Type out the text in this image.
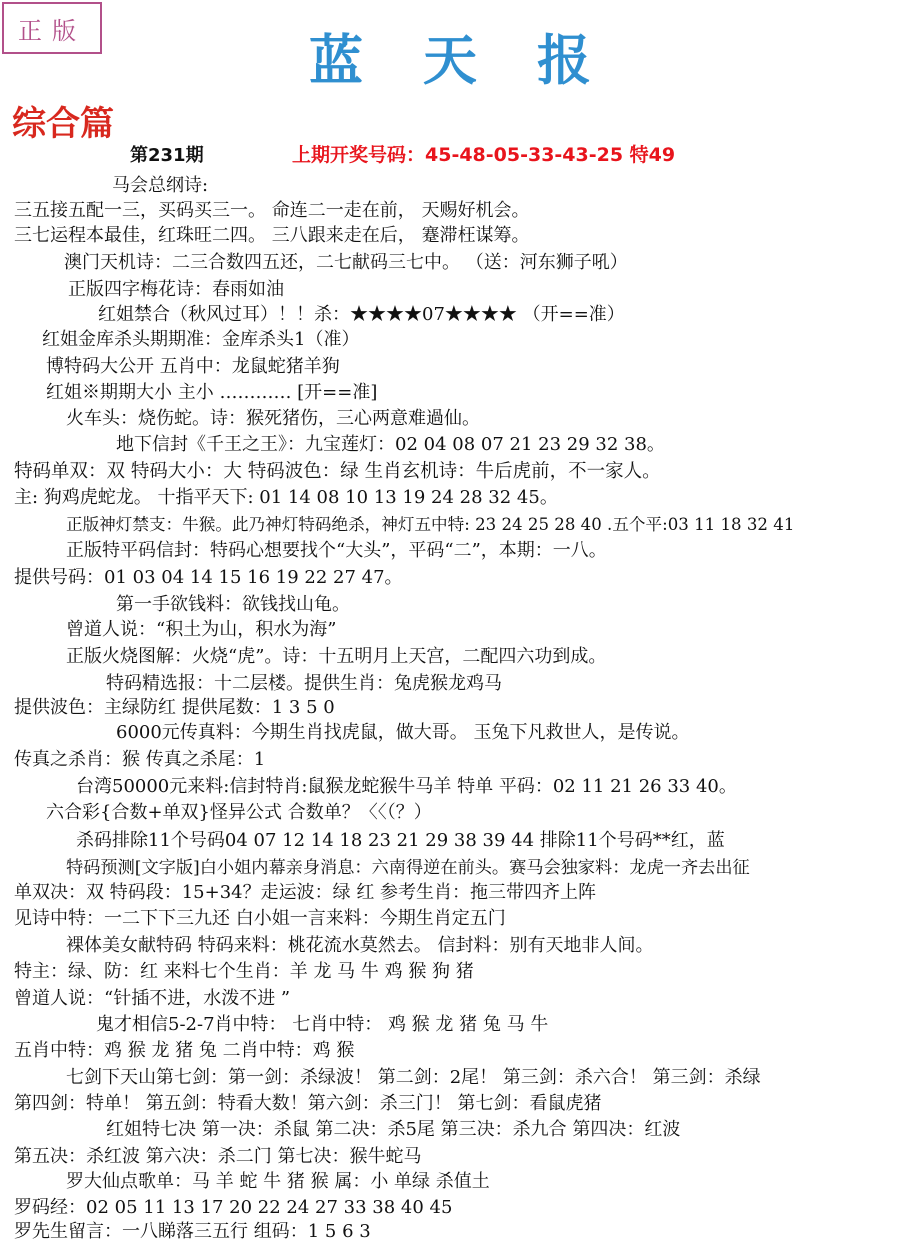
正版	蓝天报
综合篇
第231期	上期开奖号码：45-48-05-33-43-25 特49
马会总纲诗:
三五接五配一三，买码买三一。 命连二一走在前， 天赐好机会。
三七运程本最佳，红珠旺二四。 三八跟来走在后， 蹇滞枉谋筹。
澳门天机诗：二三合数四五还，二七献码三七中。 （送：河东狮子吼）
正版四字梅花诗：春雨如油
红姐禁合（秋风过耳）！！杀：★★★★07★★★★ （开==准）
红姐金库杀头期期准：金库杀头1（准）
博特码大公开 五肖中：龙鼠蛇猪羊狗
红姐※期期大小 主小 ………… [开==准]
火车头：烧伤蛇。诗：猴死猪伤，三心两意难過仙。
地下信封《千王之王》：九宝莲灯：02 04 08 07 21 23 29 32 38。
特码单双：双 特码大小：大 特码波色：绿 生肖玄机诗：牛后虎前，不一家人。
主: 狗鸡虎蛇龙。 十指平天下: 01 14 08 10 13 19 24 28 32 45。
正版神灯禁支：牛猴。此乃神灯特码绝杀，神灯五中特: 23 24 25 28 40 .五个平:03 11 18 32 41
正版特平码信封：特码心想要找个“大头”，平码“二”，本期：一八。
提供号码：01 03 04 14 15 16 19 22 27 47。
第一手欲钱料：欲钱找山龟。
曾道人说：“积土为山，积水为海”
正版火烧图解：火烧“虎”。诗：十五明月上天宫，二配四六功到成。
特码精选报：十二层楼。提供生肖：兔虎猴龙鸡马
提供波色：主绿防红 提供尾数：1 3 5 0
6000元传真料：今期生肖找虎鼠，做大哥。 玉兔下凡救世人，是传说。
传真之杀肖：猴 传真之杀尾：1
台湾50000元来料:信封特肖:鼠猴龙蛇猴牛马羊 特单 平码：02 11 21 26 33 40。
六合彩{合数+单双}怪异公式 合数单？〈〈（？）
杀码排除11个号码04 07 12 14 18 23 21 29 38 39 44 排除11个号码**红，蓝
特码预测[文字版]白小姐内幕亲身消息：六南得逆在前头。赛马会独家料：龙虎一齐去出征
单双决：双 特码段：15+34？走运波：绿 红 参考生肖：拖三带四齐上阵
见诗中特：一二下下三九还 白小姐一言来料：今期生肖定五门
裸体美女献特码 特码来料：桃花流水莫然去。 信封料：别有天地非人间。
特主：绿、防：红 来料七个生肖：羊 龙 马 牛 鸡 猴 狗 猪
曾道人说：“针插不进，水泼不进 ”
鬼才相信5-2-7肖中特： 七肖中特： 鸡 猴 龙 猪 兔 马 牛
五肖中特：鸡 猴 龙 猪 兔 二肖中特：鸡 猴
七剑下天山第七剑：第一剑：杀绿波！ 第二剑：2尾！ 第三剑：杀六合！ 第三剑：杀绿
第四剑：特单！ 第五剑：特看大数！第六剑：杀三门！ 第七剑：看鼠虎猪
红姐特七决 第一决：杀鼠 第二决：杀5尾 第三决：杀九合 第四决：红波
第五决：杀红波 第六决：杀二门 第七决：猴牛蛇马
罗大仙点歌单：马 羊 蛇 牛 猪 猴 属：小 单绿 杀值土
罗码经：02 05 11 13 17 20 22 24 27 33 38 40 45
罗先生留言：一八睇落三五行 组码：1 5 6 3
